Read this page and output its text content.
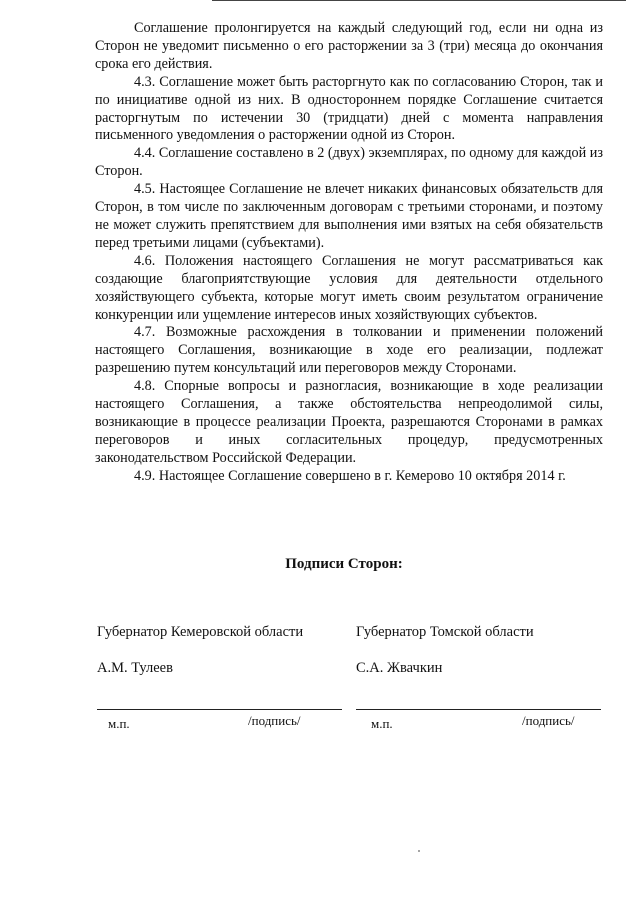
Соглашение пролонгируется на каждый следующий год, если ни одна из Сторон не уведомит письменно о его расторжении за 3 (три) месяца до окончания срока его действия.

4.3. Соглашение может быть расторгнуто как по согласованию Сторон, так и по инициативе одной из них. В одностороннем порядке Соглашение считается расторгнутым по истечении 30 (тридцати) дней с момента направления письменного уведомления о расторжении одной из Сторон.

4.4. Соглашение составлено в 2 (двух) экземплярах, по одному для каждой из Сторон.

4.5. Настоящее Соглашение не влечет никаких финансовых обязательств для Сторон, в том числе по заключенным договорам с третьими сторонами, и поэтому не может служить препятствием для выполнения ими взятых на себя обязательств перед третьими лицами (субъектами).

4.6. Положения настоящего Соглашения не могут рассматриваться как создающие благоприятствующие условия для деятельности отдельного хозяйствующего субъекта, которые могут иметь своим результатом ограничение конкуренции или ущемление интересов иных хозяйствующих субъектов.

4.7. Возможные расхождения в толковании и применении положений настоящего Соглашения, возникающие в ходе его реализации, подлежат разрешению путем консультаций или переговоров между Сторонами.

4.8. Спорные вопросы и разногласия, возникающие в ходе реализации настоящего Соглашения, а также обстоятельства непреодолимой силы, возникающие в процессе реализации Проекта, разрешаются Сторонами в рамках переговоров и иных согласительных процедур, предусмотренных законодательством Российской Федерации.

4.9. Настоящее Соглашение совершено в г. Кемерово 10 октября 2014 г.

Подписи Сторон:
Губернатор Кемеровской области
А.М. Тулеев
м.п.	/подпись/
Губернатор Томской области
С.А. Жвачкин
м.п.	/подпись/
